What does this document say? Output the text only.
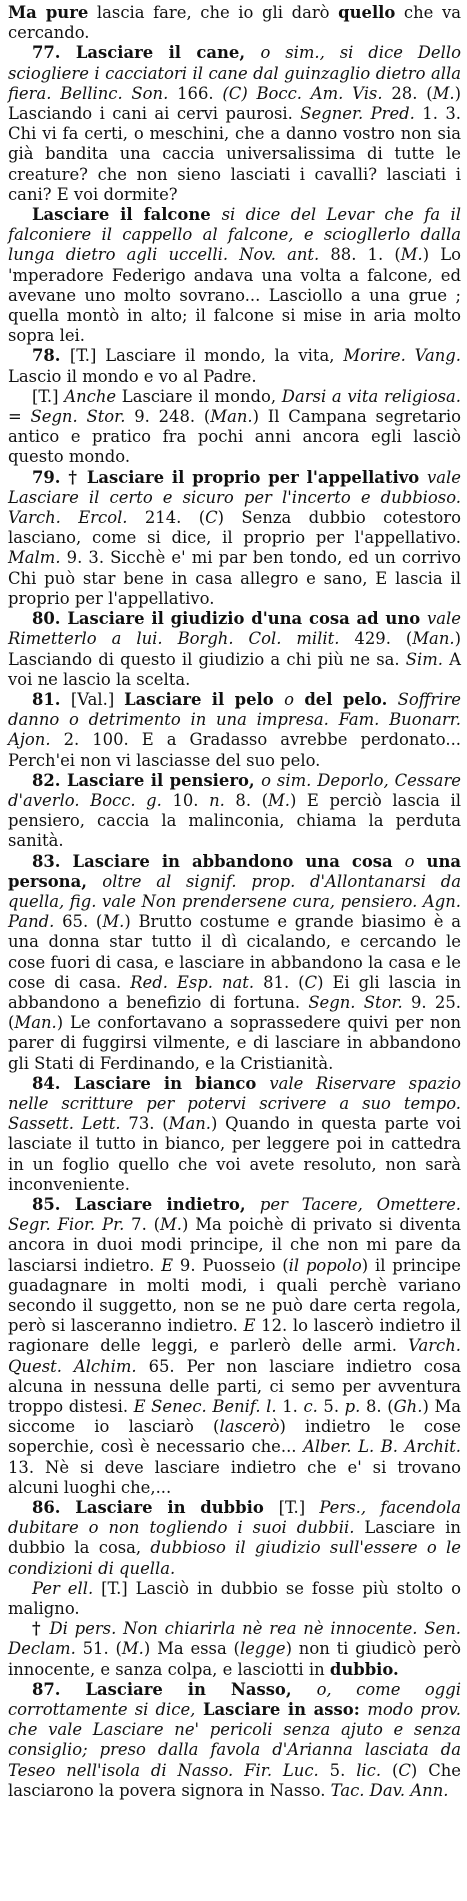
Ma pure lascia fare, che io gli darò quello che va cercando.

77. Lasciare il cane, o sim., si dice Dello sciogliere i cacciatori il cane dal guinzaglio dietro alla fiera. Bellinc. Son. 166. (C) Bocc. Am. Vis. 28. (M.) Lasciando i cani ai cervi paurosi. Segner. Pred. 1. 3. Chi vi fa certi, o meschini, che a danno vostro non sia già bandita una caccia universalissima di tutte le creature? che non sieno lasciati i cavalli? lasciati i cani? E voi dormite?

Lasciare il falcone si dice del Levar che fa il falconiere il cappello al falcone, e sciogllerlo dalla lunga dietro agli uccelli. Nov. ant. 88. 1. (M.) Lo 'mperadore Federigo andava una volta a falcone, ed avevane uno molto sovrano... Lasciollo a una grue ; quella montò in alto; il falcone si mise in aria molto sopra lei.

78. [T.] Lasciare il mondo, la vita, Morire. Vang. Lascio il mondo e vo al Padre.

[T.] Anche Lasciare il mondo, Darsi a vita religiosa. = Segn. Stor. 9. 248. (Man.) Il Campana segretario antico e pratico fra pochi anni ancora egli lasciò questo mondo.

79. † Lasciare il proprio per l'appellativo vale Lasciare il certo e sicuro per l'incerto e dubbioso. Varch. Ercol. 214. (C) Senza dubbio cotestoro lasciano, come si dice, il proprio per l'appellativo. Malm. 9. 3. Sicchè e' mi par ben tondo, ed un corrivo Chi può star bene in casa allegro e sano, E lascia il proprio per l'appellativo.

80. Lasciare il giudizio d'una cosa ad uno vale Rimetterlo a lui. Borgh. Col. milit. 429. (Man.) Lasciando di questo il giudizio a chi più ne sa. Sim. A voi ne lascio la scelta.

81. [Val.] Lasciare il pelo o del pelo. Soffrire danno o detrimento in una impresa. Fam. Buonarr. Ajon. 2. 100. E a Gradasso avrebbe perdonato... Perch'ei non vi lasciasse del suo pelo.

82. Lasciare il pensiero, o sim. Deporlo, Cessare d'averlo. Bocc. g. 10. n. 8. (M.) E perciò lascia il pensiero, caccia la malinconia, chiama la perduta sanità.

83. Lasciare in abbandono una cosa o una persona, oltre al signif. prop. d'Allontanarsi da quella, fig. vale Non prendersene cura, pensiero. Agn. Pand. 65. (M.) Brutto costume e grande biasimo è a una donna star tutto il dì cicalando, e cercando le cose fuori di casa, e lasciare in abbandono la casa e le cose di casa. Red. Esp. nat. 81. (C) Ei gli lascia in abbandono a benefizio di fortuna. Segn. Stor. 9. 25. (Man.) Le confortavano a soprassedere quivi per non parer di fuggirsi vilmente, e di lasciare in abbandono gli Stati di Ferdinando, e la Cristianità.

84. Lasciare in bianco vale Riservare spazio nelle scritture per potervi scrivere a suo tempo. Sassett. Lett. 73. (Man.) Quando in questa parte voi lasciate il tutto in bianco, per leggere poi in cattedra in un foglio quello che voi avete resoluto, non sarà inconveniente.

85. Lasciare indietro, per Tacere, Omettere. Segr. Fior. Pr. 7. (M.) Ma poichè di privato si diventa ancora in duoi modi principe, il che non mi pare da lasciarsi indietro. E 9. Puosseio (il popolo) il principe guadagnare in molti modi, i quali perchè variano secondo il suggetto, non se ne può dare certa regola, però si lasceranno indietro. E 12. lo lascerò indietro il ragionare delle leggi, e parlerò delle armi. Varch. Quest. Alchim. 65. Per non lasciare indietro cosa alcuna in nessuna delle parti, ci semo per avventura troppo distesi. E Senec. Benif. l. 1. c. 5. p. 8. (Gh.) Ma siccome io lasciarò (lascerò) indietro le cose soperchie, così è necessario che... Alber. L. B. Archit. 13. Nè si deve lasciare indietro che e' si trovano alcuni luoghi che,...

86. Lasciare in dubbio [T.] Pers., facendola dubitare o non togliendo i suoi dubbii. Lasciare in dubbio la cosa, dubbioso il giudizio sull'essere o le condizioni di quella.

Per ell. [T.] Lasciò in dubbio se fosse più stolto o maligno.

† Di pers. Non chiarirla nè rea nè innocente. Sen. Declam. 51. (M.) Ma essa (legge) non ti giudicò però innocente, e sanza colpa, e lasciotti in dubbio.

87. Lasciare in Nasso, o, come oggi corrottamente si dice, Lasciare in asso: modo prov. che vale Lasciare ne' pericoli senza ajuto e senza consiglio; preso dalla favola d'Arianna lasciata da Teseo nell'isola di Nasso. Fir. Luc. 5. lic. (C) Che lasciarono la povera signora in Nasso. Tac. Dav. Ann.
